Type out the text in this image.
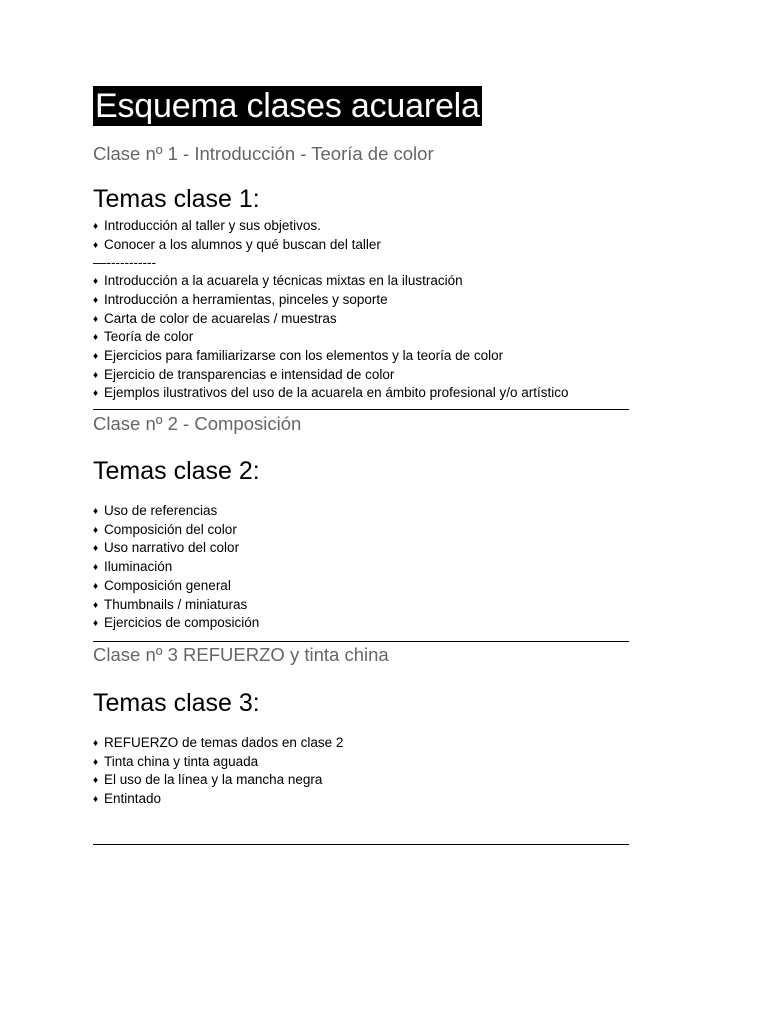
Esquema clases acuarela
Clase nº 1 - Introducción - Teoría de color
Temas clase 1:
♦ Introducción al taller y sus objetivos.
♦ Conocer a los alumnos y qué buscan del taller
—-----------
♦ Introducción a la acuarela y técnicas mixtas en la ilustración
♦ Introducción a herramientas, pinceles y soporte
♦ Carta de color de acuarelas / muestras
♦ Teoría de color
♦ Ejercicios para familiarizarse con los elementos y la teoría de color
♦ Ejercicio de transparencias e intensidad de color
♦ Ejemplos ilustrativos del uso de la acuarela en ámbito profesional y/o artístico
Clase nº 2 - Composición
Temas clase 2:
♦ Uso de referencias
♦ Composición del color
♦ Uso narrativo del color
♦ Iluminación
♦ Composición general
♦ Thumbnails / miniaturas
♦ Ejercicios de composición
Clase nº 3 REFUERZO y tinta china
Temas clase 3:
♦ REFUERZO de temas dados en clase 2
♦ Tinta china y tinta aguada
♦ El uso de la línea y la mancha negra
♦ Entintado
